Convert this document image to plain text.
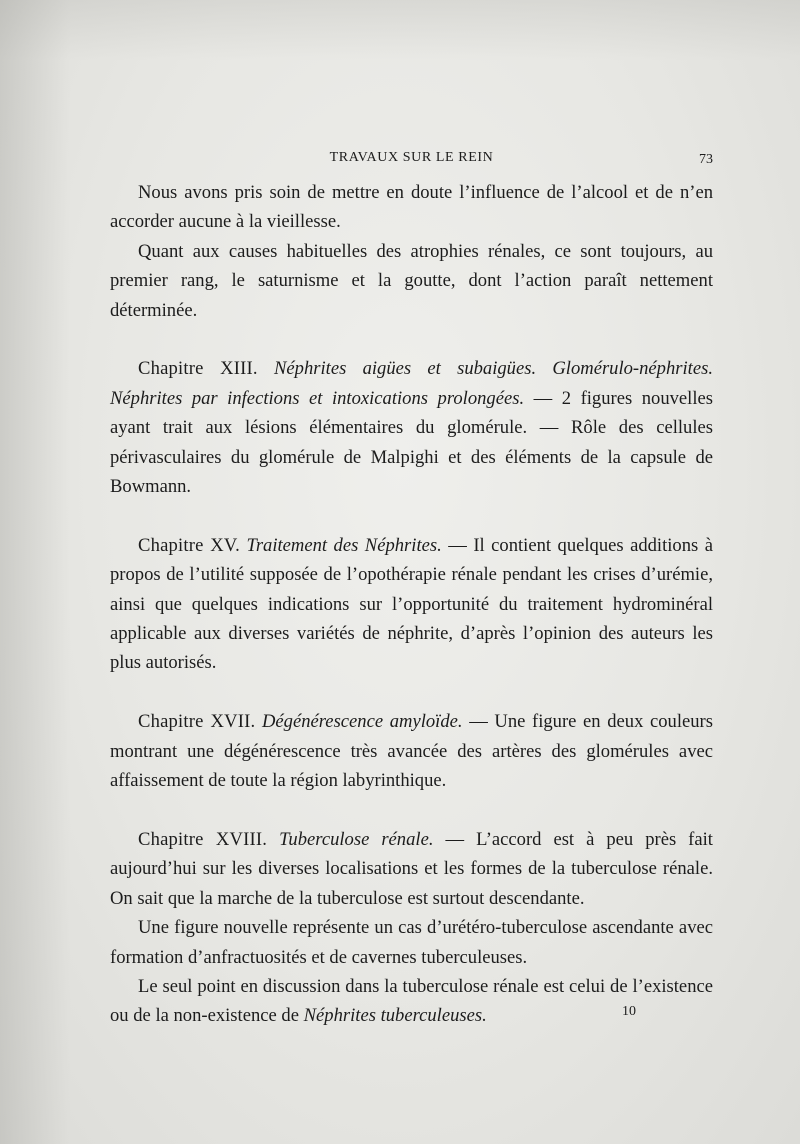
TRAVAUX SUR LE REIN	73

Nous avons pris soin de mettre en doute l’influence de l’alcool et de n’en accorder aucune à la vieillesse.

Quant aux causes habituelles des atrophies rénales, ce sont toujours, au premier rang, le saturnisme et la goutte, dont l’action paraît nettement déterminée.

Chapitre XIII. Néphrites aigües et subaigües. Glomérulo-néphrites. Néphrites par infections et intoxications prolongées. — 2 figures nouvelles ayant trait aux lésions élémentaires du glomérule. — Rôle des cellules périvasculaires du glomérule de Malpighi et des éléments de la capsule de Bowmann.

Chapitre XV. Traitement des Néphrites. — Il contient quelques additions à propos de l’utilité supposée de l’opothérapie rénale pendant les crises d’urémie, ainsi que quelques indications sur l’opportunité du traitement hydrominéral applicable aux diverses variétés de néphrite, d’après l’opinion des auteurs les plus autorisés.

Chapitre XVII. Dégénérescence amyloïde. — Une figure en deux couleurs montrant une dégénérescence très avancée des artères des glomérules avec affaissement de toute la région labyrinthique.

Chapitre XVIII. Tuberculose rénale. — L’accord est à peu près fait aujourd’hui sur les diverses localisations et les formes de la tuberculose rénale. On sait que la marche de la tuberculose est surtout descendante.

Une figure nouvelle représente un cas d’urétéro-tuberculose ascendante avec formation d’anfractuosités et de cavernes tuberculeuses.

Le seul point en discussion dans la tuberculose rénale est celui de l’existence ou de la non-existence de Néphrites tuberculeuses.	10
